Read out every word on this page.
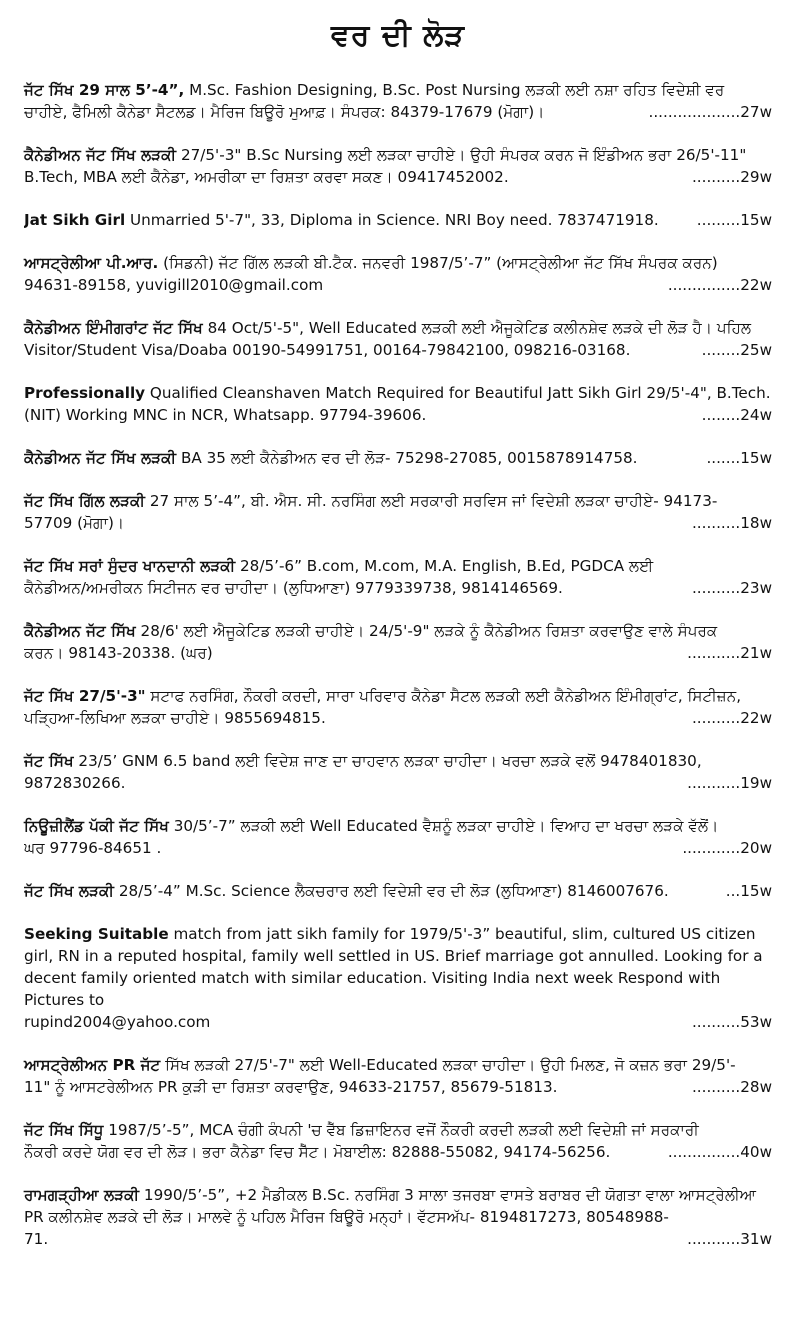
ਵਰ ਦੀ ਲੋੜ
ਜੱਟ ਸਿੱਖ 29 ਸਾਲ 5’-4”, M.Sc. Fashion Designing, B.Sc. Post Nursing ਲੜਕੀ ਲਈ ਨਸ਼ਾ ਰਹਿਤ ਵਿਦੇਸ਼ੀ ਵਰ
ਚਾਹੀਏ, ਫੈਮਿਲੀ ਕੈਨੇਡਾ ਸੈਟਲਡ। ਮੈਰਿਜ ਬਿਊਰੋ ਮੁਆਫ਼। ਸੰਪਰਕ: 84379-17679 (ਮੋਗਾ)।	...................27w
ਕੈਨੇਡੀਅਨ ਜੱਟ ਸਿੱਖ ਲੜਕੀ 27/5'-3" B.Sc Nursing ਲਈ ਲੜਕਾ ਚਾਹੀਏ। ਉਹੀ ਸੰਪਰਕ ਕਰਨ ਜੋ ਇੰਡੀਅਨ ਭਰਾ 26/5'-11"
B.Tech, MBA ਲਈ ਕੈਨੇਡਾ, ਅਮਰੀਕਾ ਦਾ ਰਿਸ਼ਤਾ ਕਰਵਾ ਸਕਣ। 09417452002.	..........29w
Jat Sikh Girl Unmarried 5'-7", 33, Diploma in Science. NRI Boy need. 7837471918.	.........15w
ਆਸਟ੍ਰੇਲੀਆ ਪੀ.ਆਰ. (ਸਿਡਨੀ) ਜੱਟ ਗਿੱਲ ਲੜਕੀ ਬੀ.ਟੈਕ. ਜਨਵਰੀ 1987/5’-7” (ਆਸਟ੍ਰੇਲੀਆ ਜੱਟ ਸਿੱਖ ਸੰਪਰਕ ਕਰਨ)
94631-89158, yuvigill2010@gmail.com	...............22w
ਕੈਨੇਡੀਅਨ ਇੰਮੀਗਰਾਂਟ ਜੱਟ ਸਿੱਖ 84 Oct/5'-5", Well Educated ਲੜਕੀ ਲਈ ਐਜੂਕੇਟਿਡ ਕਲੀਨਸ਼ੇਵ ਲੜਕੇ ਦੀ ਲੋੜ ਹੈ। ਪਹਿਲ
Visitor/Student Visa/Doaba 00190-54991751, 00164-79842100, 098216-03168.	........25w
Professionally Qualified Cleanshaven Match Required for Beautiful Jatt Sikh Girl 29/5'-4", B.Tech.
(NIT) Working MNC in NCR, Whatsapp. 97794-39606.	........24w
ਕੈਨੇਡੀਅਨ ਜੱਟ ਸਿੱਖ ਲੜਕੀ BA 35 ਲਈ ਕੈਨੇਡੀਅਨ ਵਰ ਦੀ ਲੋੜ- 75298-27085, 0015878914758.	.......15w
ਜੱਟ ਸਿੱਖ ਗਿੱਲ ਲੜਕੀ 27 ਸਾਲ 5’-4”, ਬੀ. ਐਸ. ਸੀ. ਨਰਸਿੰਗ ਲਈ ਸਰਕਾਰੀ ਸਰਵਿਸ ਜਾਂ ਵਿਦੇਸ਼ੀ ਲੜਕਾ ਚਾਹੀਏ- 94173-
57709 (ਮੋਗਾ)।	..........18w
ਜੱਟ ਸਿੱਖ ਸਰਾਂ ਸੁੰਦਰ ਖਾਨਦਾਨੀ ਲੜਕੀ 28/5’-6” B.com, M.com, M.A. English, B.Ed, PGDCA ਲਈ
ਕੈਨੇਡੀਅਨ/ਅਮਰੀਕਨ ਸਿਟੀਜਨ ਵਰ ਚਾਹੀਦਾ। (ਲੁਧਿਆਣਾ) 9779339738, 9814146569.	..........23w
ਕੈਨੇਡੀਅਨ ਜੱਟ ਸਿੱਖ 28/6' ਲਈ ਐਜੂਕੇਟਿਡ ਲੜਕੀ ਚਾਹੀਏ। 24/5'-9" ਲੜਕੇ ਨੂੰ ਕੈਨੇਡੀਅਨ ਰਿਸ਼ਤਾ ਕਰਵਾਉਣ ਵਾਲੇ ਸੰਪਰਕ
ਕਰਨ। 98143-20338. (ਘਰ)	...........21w
ਜੱਟ ਸਿੱਖ 27/5'-3" ਸਟਾਫ ਨਰਸਿੰਗ, ਨੌਕਰੀ ਕਰਦੀ, ਸਾਰਾ ਪਰਿਵਾਰ ਕੈਨੇਡਾ ਸੈਟਲ ਲੜਕੀ ਲਈ ਕੈਨੇਡੀਅਨ ਇੰਮੀਗ੍ਰਾਂਟ, ਸਿਟੀਜ਼ਨ,
ਪੜ੍ਹਿਆ-ਲਿਖਿਆ ਲੜਕਾ ਚਾਹੀਏ। 9855694815.	..........22w
ਜੱਟ ਸਿੱਖ 23/5’ GNM 6.5 band ਲਈ ਵਿਦੇਸ਼ ਜਾਣ ਦਾ ਚਾਹਵਾਨ ਲੜਕਾ ਚਾਹੀਦਾ। ਖਰਚਾ ਲੜਕੇ ਵਲੋਂ 9478401830,
9872830266.	...........19w
ਨਿਊਜ਼ੀਲੈਂਡ ਪੱਕੀ ਜੱਟ ਸਿੱਖ 30/5’-7” ਲੜਕੀ ਲਈ Well Educated ਵੈਸ਼ਨੂੰ ਲੜਕਾ ਚਾਹੀਏ। ਵਿਆਹ ਦਾ ਖਰਚਾ ਲੜਕੇ ਵੱਲੋਂ।
ਘਰ 97796-84651 .	............20w
ਜੱਟ ਸਿੱਖ ਲੜਕੀ 28/5’-4” M.Sc. Science ਲੈਕਚਰਾਰ ਲਈ ਵਿਦੇਸ਼ੀ ਵਰ ਦੀ ਲੋੜ (ਲੁਧਿਆਣਾ) 8146007676.	...15w
Seeking Suitable match from jatt sikh family for 1979/5'-3” beautiful, slim, cultured US citizen girl, RN in a reputed hospital, family well settled in US. Brief marriage got annulled. Looking for a decent family oriented match with similar education. Visiting India next week Respond with Pictures to
rupind2004@yahoo.com	..........53w
ਆਸਟ੍ਰੇਲੀਅਨ PR ਜੱਟ ਸਿੱਖ ਲੜਕੀ 27/5'-7" ਲਈ Well-Educated ਲੜਕਾ ਚਾਹੀਦਾ। ਉਹੀ ਮਿਲਣ, ਜੋ ਕਜ਼ਨ ਭਰਾ 29/5'-
11" ਨੂੰ ਆਸਟਰੇਲੀਅਨ PR ਕੁੜੀ ਦਾ ਰਿਸ਼ਤਾ ਕਰਵਾਉਣ, 94633-21757, 85679-51813.	..........28w
ਜੱਟ ਸਿੱਖ ਸਿੱਧੂ 1987/5’-5”, MCA ਚੰਗੀ ਕੰਪਨੀ 'ਚ ਵੈੱਬ ਡਿਜ਼ਾਇਨਰ ਵਜੋਂ ਨੌਕਰੀ ਕਰਦੀ ਲੜਕੀ ਲਈ ਵਿਦੇਸ਼ੀ ਜਾਂ ਸਰਕਾਰੀ
ਨੌਕਰੀ ਕਰਦੇ ਯੋਗ ਵਰ ਦੀ ਲੋੜ। ਭਰਾ ਕੈਨੇਡਾ ਵਿਚ ਸੈੱਟ। ਮੋਬਾਈਲ: 82888-55082, 94174-56256.	...............40w
ਰਾਮਗੜ੍ਹੀਆ ਲੜਕੀ 1990/5’-5”, +2 ਮੈਡੀਕਲ B.Sc. ਨਰਸਿੰਗ 3 ਸਾਲਾ ਤਜਰਬਾ ਵਾਸਤੇ ਬਰਾਬਰ ਦੀ ਯੋਗਤਾ ਵਾਲਾ ਆਸਟ੍ਰੇਲੀਆ PR ਕਲੀਨਸ਼ੇਵ ਲੜਕੇ ਦੀ ਲੋੜ। ਮਾਲਵੇ ਨੂੰ ਪਹਿਲ ਮੈਰਿਜ ਬਿਊਰੋ ਮਨ੍ਹਾਂ। ਵੱਟਸਅੱਪ- 8194817273, 80548988-
71.	...........31w
